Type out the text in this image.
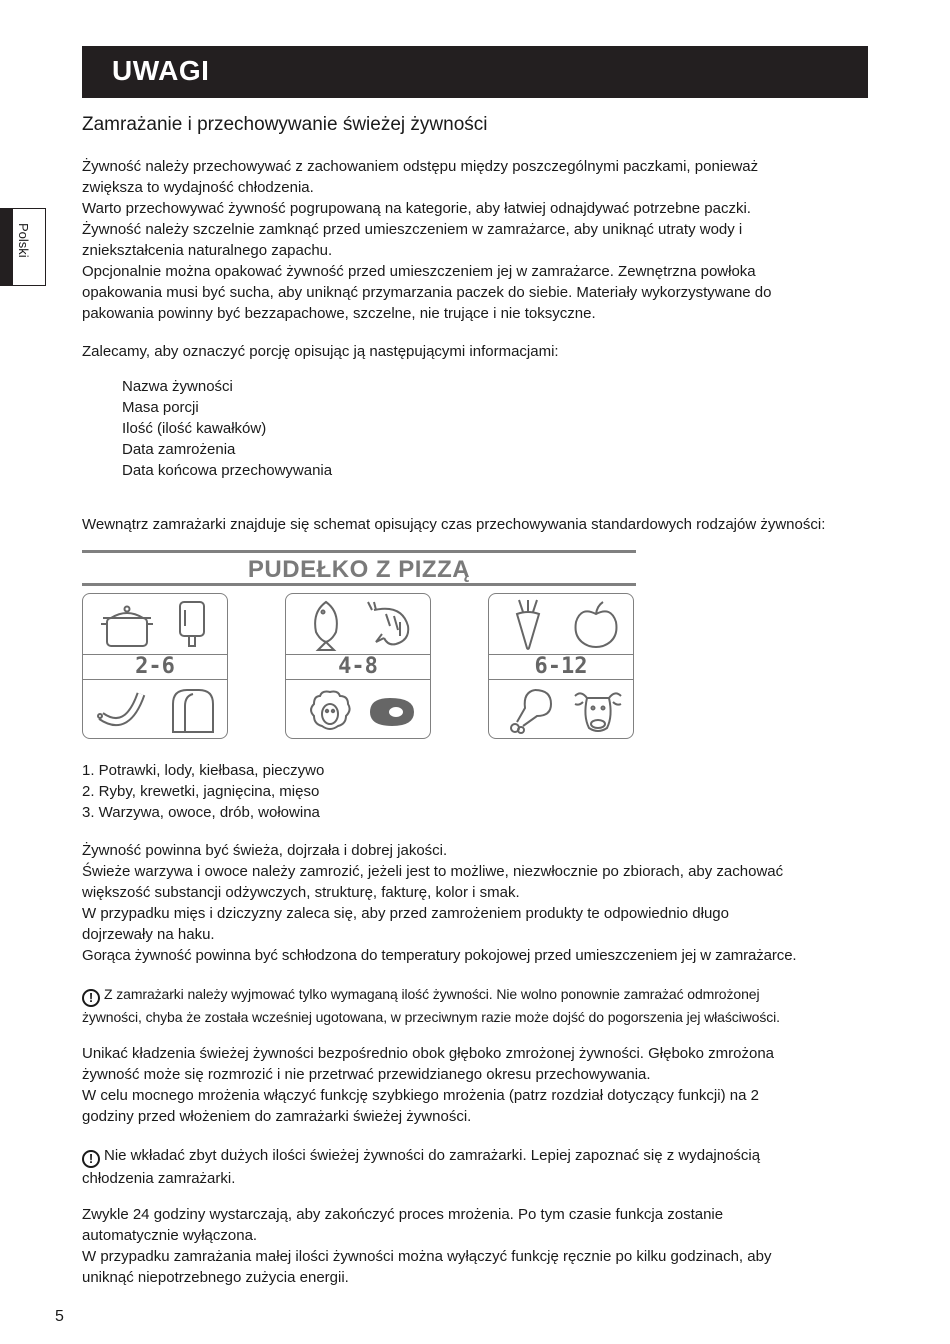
UWAGI
Polski
Zamrażanie i przechowywanie świeżej żywności

Żywność należy przechowywać z zachowaniem odstępu między poszczególnymi paczkami, ponieważ

zwiększa to wydajność chłodzenia.

Warto przechowywać żywność pogrupowaną na kategorie, aby łatwiej odnajdywać potrzebne paczki.

Żywność należy szczelnie zamknąć przed umieszczeniem w zamrażarce, aby uniknąć utraty wody i

zniekształcenia naturalnego zapachu.

Opcjonalnie można opakować żywność przed umieszczeniem jej w zamrażarce. Zewnętrzna powłoka

opakowania musi być sucha, aby uniknąć przymarzania paczek do siebie. Materiały wykorzystywane do

pakowania powinny być bezzapachowe, szczelne, nie trujące i nie toksyczne.

Zalecamy, aby oznaczyć porcję opisując ją następującymi informacjami:

Nazwa żywności
Masa porcji
Ilość (ilość kawałków)
Data zamrożenia
Data końcowa przechowywania

Wewnątrz zamrażarki znajduje się schemat opisujący czas przechowywania standardowych rodzajów żywności:

PUDEŁKO Z PIZZĄ
2-6	4-8	6-12
1. Potrawki, lody, kiełbasa, pieczywo
2. Ryby, krewetki, jagnięcina, mięso
3. Warzywa, owoce, drób, wołowina

Żywność powinna być świeża, dojrzała i dobrej jakości.

Świeże warzywa i owoce należy zamrozić, jeżeli jest to możliwe, niezwłocznie po zbiorach, aby zachować

większość substancji odżywczych, strukturę, fakturę, kolor i smak.

W przypadku mięs i dziczyzny zaleca się, aby przed zamrożeniem produkty te odpowiednio długo

dojrzewały na haku.

Gorąca żywność powinna być schłodzona do temperatury pokojowej przed umieszczeniem jej w zamrażarce.

! Z zamrażarki należy wyjmować tylko wymaganą ilość żywności. Nie wolno ponownie zamrażać odmrożonej

żywności, chyba że została wcześniej ugotowana, w przeciwnym razie może dojść do pogorszenia jej właściwości.

Unikać kładzenia świeżej żywności bezpośrednio obok głęboko zmrożonej żywności. Głęboko zmrożona

żywność może się rozmrozić i nie przetrwać przewidzianego okresu przechowywania.

W celu mocnego mrożenia włączyć funkcję szybkiego mrożenia (patrz rozdział dotyczący funkcji) na 2

godziny przed włożeniem do zamrażarki świeżej żywności.

! Nie wkładać zbyt dużych ilości świeżej żywności do zamrażarki. Lepiej zapoznać się z wydajnością

chłodzenia zamrażarki.

Zwykle 24 godziny wystarczają, aby zakończyć proces mrożenia. Po tym czasie funkcja zostanie

automatycznie wyłączona.

W przypadku zamrażania małej ilości żywności można wyłączyć funkcję ręcznie po kilku godzinach, aby

uniknąć niepotrzebnego zużycia energii.

5
